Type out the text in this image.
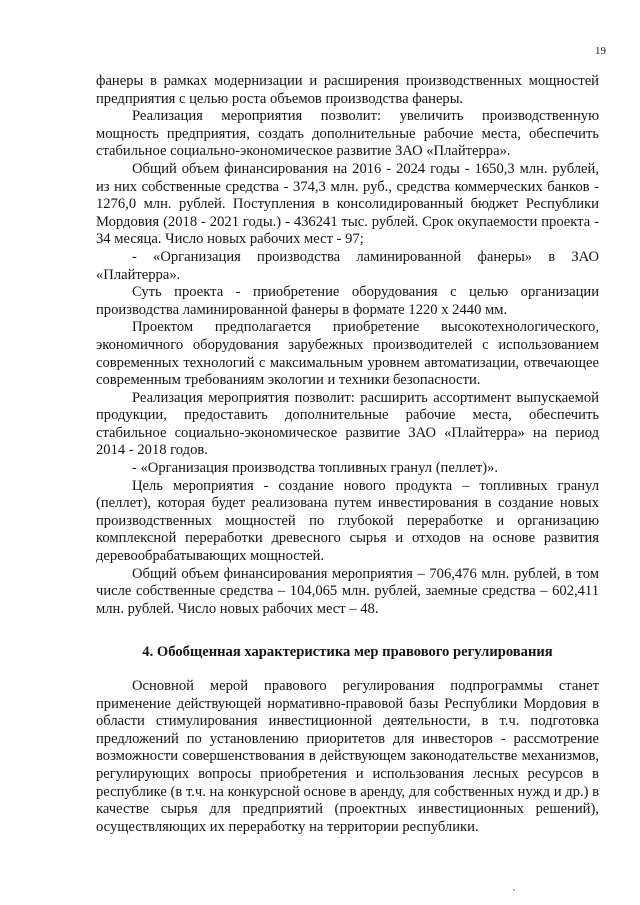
19

фанеры в рамках модернизации и расширения производственных мощностей предприятия с целью роста объемов производства фанеры.

Реализация мероприятия позволит: увеличить производственную мощность предприятия, создать дополнительные рабочие места, обеспечить стабильное социально-экономическое развитие ЗАО «Плайтерра».

Общий объем финансирования на 2016 - 2024 годы - 1650,3 млн. рублей, из них собственные средства - 374,3 млн. руб., средства коммерческих банков - 1276,0 млн. рублей. Поступления в консолидированный бюджет Республики Мордовия (2018 - 2021 годы.) - 436241 тыс. рублей. Срок окупаемости проекта - 34 месяца. Число новых рабочих мест - 97;

- «Организация производства ламинированной фанеры» в ЗАО «Плайтерра».

Суть проекта - приобретение оборудования с целью организации производства ламинированной фанеры в формате 1220 х 2440 мм.

Проектом предполагается приобретение высокотехнологического, экономичного оборудования зарубежных производителей с использованием современных технологий с максимальным уровнем автоматизации, отвечающее современным требованиям экологии и техники безопасности.

Реализация мероприятия позволит: расширить ассортимент выпускаемой продукции, предоставить дополнительные рабочие места, обеспечить стабильное социально-экономическое развитие ЗАО «Плайтерра» на период 2014 - 2018 годов.

- «Организация производства топливных гранул (пеллет)».

Цель мероприятия - создание нового продукта – топливных гранул (пеллет), которая будет реализована путем инвестирования в создание новых производственных мощностей по глубокой переработке и организацию комплексной переработки древесного сырья и отходов на основе развития деревообрабатывающих мощностей.

Общий объем финансирования мероприятия – 706,476 млн. рублей, в том числе собственные средства – 104,065 млн. рублей, заемные средства – 602,411 млн. рублей. Число новых рабочих мест – 48.

4. Обобщенная характеристика мер правового регулирования

Основной мерой правового регулирования подпрограммы станет применение действующей нормативно-правовой базы Республики Мордовия в области стимулирования инвестиционной деятельности, в т.ч. подготовка предложений по установлению приоритетов для инвесторов - рассмотрение возможности совершенствования в действующем законодательстве механизмов, регулирующих вопросы приобретения и использования лесных ресурсов в республике (в т.ч. на конкурсной основе в аренду, для собственных нужд и др.) в качестве сырья для предприятий (проектных инвестиционных решений), осуществляющих их переработку на территории республики.
